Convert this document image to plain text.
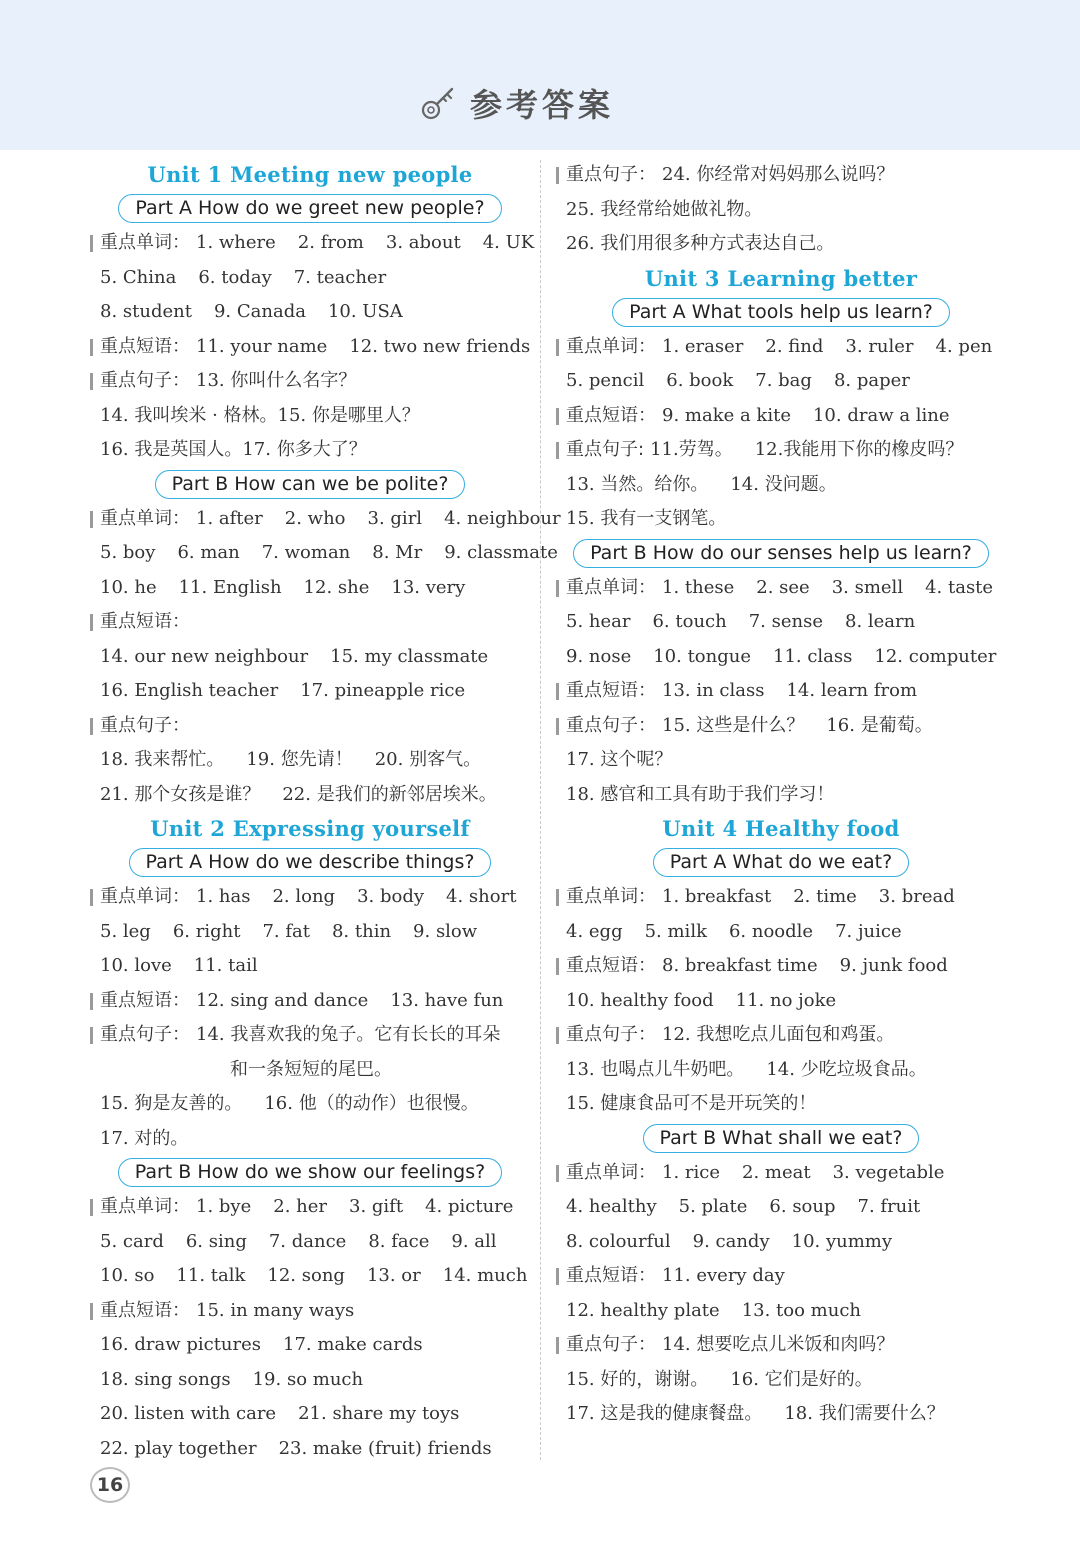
参考答案
Unit 1 Meeting new people
Part A How do we greet new people?
重点单词： 1. where 2. from 3. about 4. UK
5. China 6. today 7. teacher
8. student 9. Canada 10. USA
重点短语： 11. your name 12. two new friends
重点句子： 13. 你叫什么名字？
14. 我叫埃米 · 格林。15. 你是哪里人？
16. 我是英国人。17. 你多大了？
Part B How can we be polite?
重点单词： 1. after 2. who 3. girl 4. neighbour
5. boy 6. man 7. woman 8. Mr 9. classmate
10. he 11. English 12. she 13. very
重点短语：
14. our new neighbour 15. my classmate
16. English teacher 17. pineapple rice
重点句子：
18. 我来帮忙。 19. 您先请！ 20. 别客气。
21. 那个女孩是谁？ 22. 是我们的新邻居埃米。
Unit 2 Expressing yourself
Part A How do we describe things?
重点单词： 1. has 2. long 3. body 4. short
5. leg 6. right 7. fat 8. thin 9. slow
10. love 11. tail
重点短语： 12. sing and dance 13. have fun
重点句子： 14. 我喜欢我的兔子。它有长长的耳朵
和一条短短的尾巴。
15. 狗是友善的。 16. 他（的动作）也很慢。
17. 对的。
Part B How do we show our feelings?
重点单词： 1. bye 2. her 3. gift 4. picture
5. card 6. sing 7. dance 8. face 9. all
10. so 11. talk 12. song 13. or 14. much
重点短语： 15. in many ways
16. draw pictures 17. make cards
18. sing songs 19. so much
20. listen with care 21. share my toys
22. play together 23. make (fruit) friends
重点句子： 24. 你经常对妈妈那么说吗？
25. 我经常给她做礼物。
26. 我们用很多种方式表达自己。
Unit 3 Learning better
Part A What tools help us learn?
重点单词： 1. eraser 2. find 3. ruler 4. pen
5. pencil 6. book 7. bag 8. paper
重点短语： 9. make a kite 10. draw a line
重点句子: 11.劳驾。 12.我能用下你的橡皮吗？
13. 当然。给你。 14. 没问题。
15. 我有一支钢笔。
Part B How do our senses help us learn?
重点单词： 1. these 2. see 3. smell 4. taste
5. hear 6. touch 7. sense 8. learn
9. nose 10. tongue 11. class 12. computer
重点短语： 13. in class 14. learn from
重点句子： 15. 这些是什么？ 16. 是葡萄。
17. 这个呢？
18. 感官和工具有助于我们学习！
Unit 4 Healthy food
Part A What do we eat?
重点单词： 1. breakfast 2. time 3. bread
4. egg 5. milk 6. noodle 7. juice
重点短语： 8. breakfast time 9. junk food
10. healthy food 11. no joke
重点句子： 12. 我想吃点儿面包和鸡蛋。
13. 也喝点儿牛奶吧。 14. 少吃垃圾食品。
15. 健康食品可不是开玩笑的！
Part B What shall we eat?
重点单词： 1. rice 2. meat 3. vegetable
4. healthy 5. plate 6. soup 7. fruit
8. colourful 9. candy 10. yummy
重点短语： 11. every day
12. healthy plate 13. too much
重点句子： 14. 想要吃点儿米饭和肉吗？
15. 好的，谢谢。 16. 它们是好的。
17. 这是我的健康餐盘。 18. 我们需要什么？
16
